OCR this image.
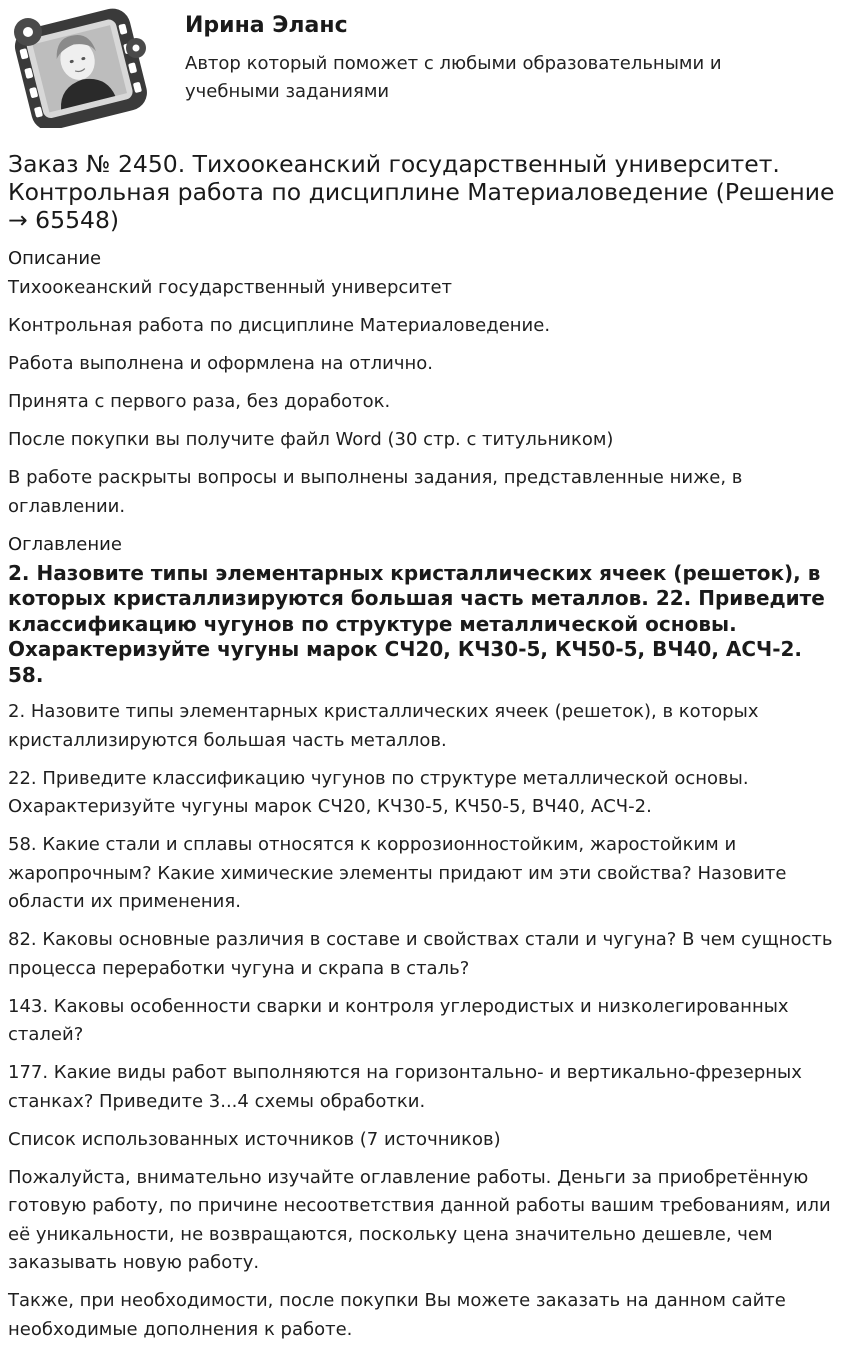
Ирина Эланс
Автор который поможет с любыми образовательными и учебными заданиями
Заказ № 2450. Тихоокеанский государственный университет. Контрольная работа по дисциплине Материаловедение (Решение → 65548)
Описание
Тихоокеанский государственный университет
Контрольная работа по дисциплине Материаловедение.
Работа выполнена и оформлена на отлично.
Принята с первого раза, без доработок.
После покупки вы получите файл Word (30 стр. с титульником)
В работе раскрыты вопросы и выполнены задания, представленные ниже, в оглавлении.
Оглавление
2. Назовите типы элементарных кристаллических ячеек (решеток), в которых кристаллизируются большая часть металлов. 22. Приведите классификацию чугунов по структуре металлической основы. Охарактеризуйте чугуны марок СЧ20, КЧ30-5, КЧ50-5, ВЧ40, АСЧ-2. 58.
2. Назовите типы элементарных кристаллических ячеек (решеток), в которых кристаллизируются большая часть металлов.
22. Приведите классификацию чугунов по структуре металлической основы. Охарактеризуйте чугуны марок СЧ20, КЧ30-5, КЧ50-5, ВЧ40, АСЧ-2.
58. Какие стали и сплавы относятся к коррозионностойким, жаростойким и жаропрочным? Какие химические элементы придают им эти свойства? Назовите области их применения.
82. Каковы основные различия в составе и свойствах стали и чугуна? В чем сущность процесса переработки чугуна и скрапа в сталь?
143. Каковы особенности сварки и контроля углеродистых и низколегированных сталей?
177. Какие виды работ выполняются на горизонтально- и вертикально-фрезерных станках? Приведите 3...4 схемы обработки.
Список использованных источников (7 источников)
Пожалуйста, внимательно изучайте оглавление работы. Деньги за приобретённую готовую работу, по причине несоответствия данной работы вашим требованиям, или её уникальности, не возвращаются, поскольку цена значительно дешевле, чем заказывать новую работу.
Также, при необходимости, после покупки Вы можете заказать на данном сайте необходимые дополнения к работе.
